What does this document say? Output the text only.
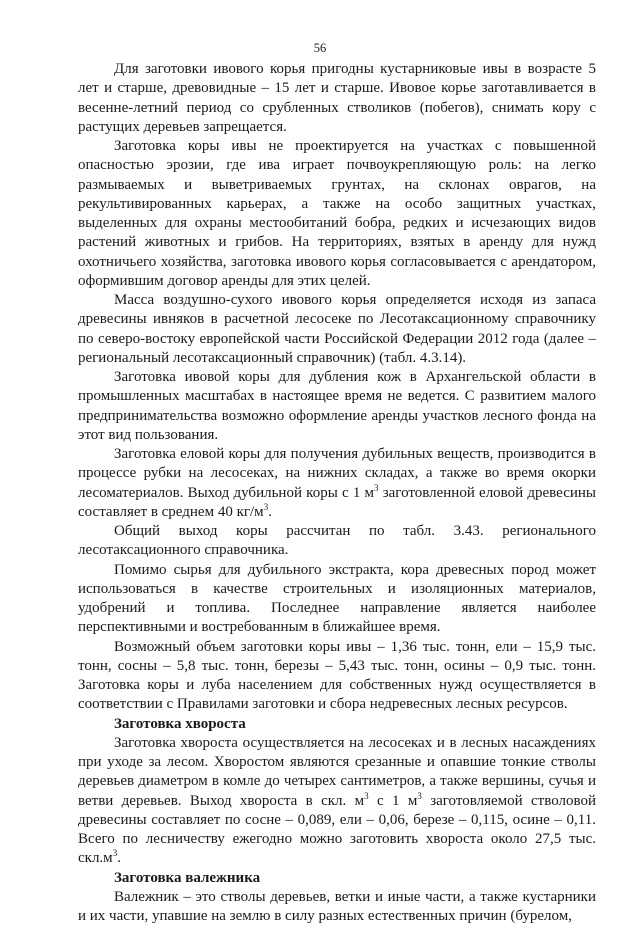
56

Для заготовки ивового корья пригодны кустарниковые ивы в возрасте 5 лет и старше, древовидные – 15 лет и старше. Ивовое корье заготавливается в весенне-летний период со срубленных стволиков (побегов), снимать кору с растущих деревьев запрещается.

Заготовка коры ивы не проектируется на участках с повышенной опасностью эрозии, где ива играет почвоукрепляющую роль: на легко размываемых и выветриваемых грунтах, на склонах оврагов, на рекультивированных карьерах, а также на особо защитных участках, выделенных для охраны местообитаний бобра, редких и исчезающих видов растений животных и грибов. На территориях, взятых в аренду для нужд охотничьего хозяйства, заготовка ивового корья согласовывается с арендатором, оформившим договор аренды для этих целей.

Масса воздушно-сухого ивового корья определяется исходя из запаса древесины ивняков в расчетной лесосеке по Лесотаксационному справочнику по северо-востоку европейской части Российской Федерации 2012 года (далее – региональный лесотаксационный справочник) (табл. 4.3.14).

Заготовка ивовой коры для дубления кож в Архангельской области в промышленных масштабах в настоящее время не ведется. С развитием малого предпринимательства возможно оформление аренды участков лесного фонда на этот вид пользования.

Заготовка еловой коры для получения дубильных веществ, производится в процессе рубки на лесосеках, на нижних складах, а также во время окорки лесоматериалов. Выход дубильной коры с 1 $м^3$ заготовленной еловой древесины составляет в среднем 40 $кг/м^3$.

Общий выход коры рассчитан по табл. 3.43. регионального лесотаксационного справочника.

Помимо сырья для дубильного экстракта, кора древесных пород может использоваться в качестве строительных и изоляционных материалов, удобрений и топлива. Последнее направление является наиболее перспективными и востребованным в ближайшее время.

Возможный объем заготовки коры ивы – 1,36 тыс. тонн, ели – 15,9 тыс. тонн, сосны – 5,8 тыс. тонн, березы – 5,43 тыс. тонн, осины – 0,9 тыс. тонн. Заготовка коры и луба населением для собственных нужд осуществляется в соответствии с Правилами заготовки и сбора недревесных лесных ресурсов.

Заготовка хвороста

Заготовка хвороста осуществляется на лесосеках и в лесных насаждениях при уходе за лесом. Хворостом являются срезанные и опавшие тонкие стволы деревьев диаметром в комле до четырех сантиметров, а также вершины, сучья и ветви деревьев. Выход хвороста в скл. $м^3$ с 1 $м^3$ заготовляемой стволовой древесины составляет по сосне – 0,089, ели – 0,06, березе – 0,115, осине – 0,11. Всего по лесничеству ежегодно можно заготовить хвороста около 27,5 тыс. $скл.м^3$.

Заготовка валежника

Валежник – это стволы деревьев, ветки и иные части, а также кустарники и их части, упавшие на землю в силу разных естественных причин (бурелом,
